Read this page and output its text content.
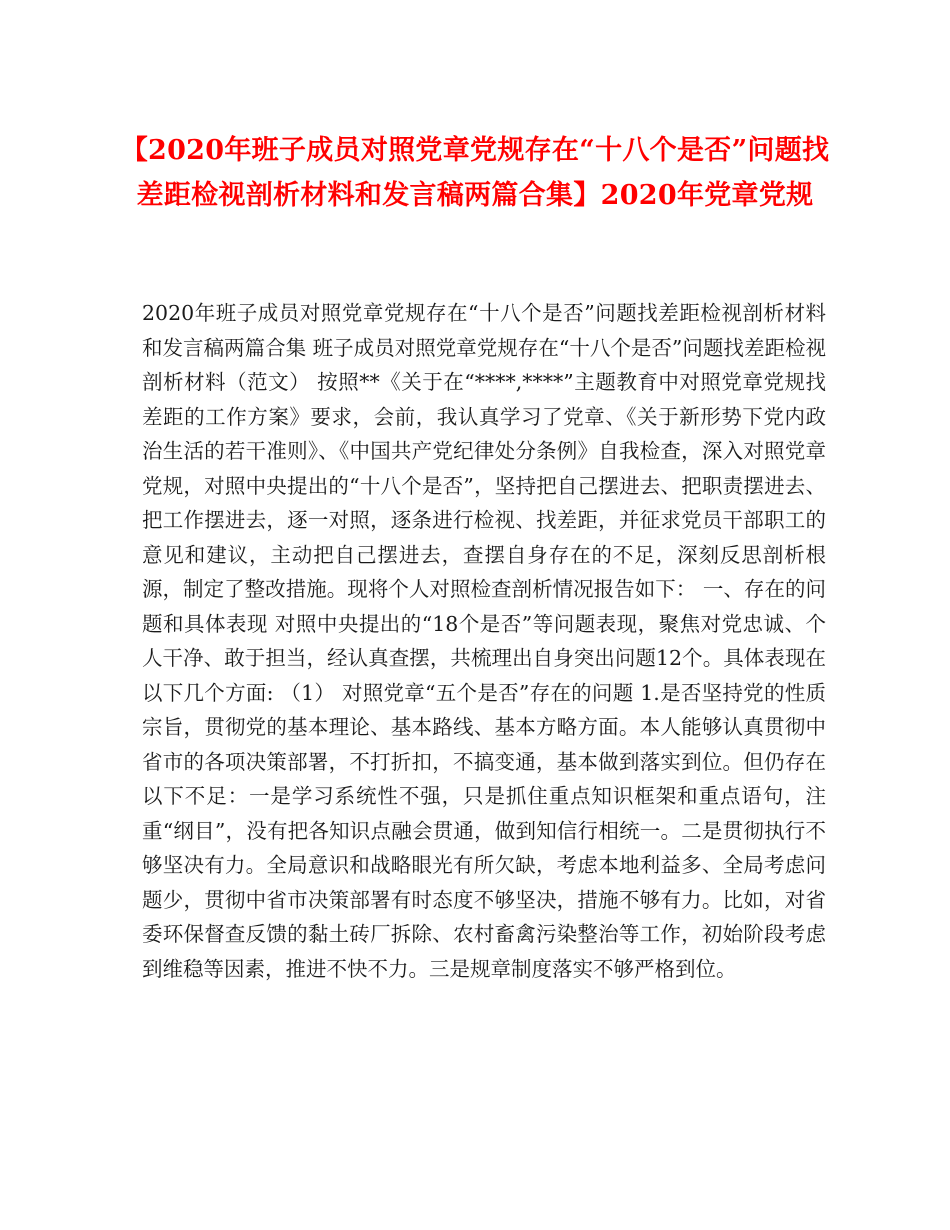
【2020年班子成员对照党章党规存在“十八个是否”问题找差距检视剖析材料和发言稿两篇合集】2020年党章党规

2020年班子成员对照党章党规存在“十八个是否”问题找差距检视剖析材料和发言稿两篇合集 班子成员对照党章党规存在“十八个是否”问题找差距检视剖析材料（范文） 按照**《关于在“****,****”主题教育中对照党章党规找差距的工作方案》要求，会前，我认真学习了党章、《关于新形势下党内政治生活的若干准则》、《中国共产党纪律处分条例》自我检查，深入对照党章党规，对照中央提出的“十八个是否”，坚持把自己摆进去、把职责摆进去、把工作摆进去，逐一对照，逐条进行检视、找差距，并征求党员干部职工的意见和建议，主动把自己摆进去，查摆自身存在的不足，深刻反思剖析根源，制定了整改措施。现将个人对照检查剖析情况报告如下： 一、存在的问题和具体表现 对照中央提出的“18个是否”等问题表现，聚焦对党忠诚、个人干净、敢于担当，经认真查摆，共梳理出自身突出问题12个。具体表现在以下几个方面: （1） 对照党章“五个是否”存在的问题 1.是否坚持党的性质宗旨，贯彻党的基本理论、基本路线、基本方略方面。本人能够认真贯彻中省市的各项决策部署，不打折扣，不搞变通，基本做到落实到位。但仍存在以下不足：一是学习系统性不强，只是抓住重点知识框架和重点语句，注重“纲目”，没有把各知识点融会贯通，做到知信行相统一。二是贯彻执行不够坚决有力。全局意识和战略眼光有所欠缺，考虑本地利益多、全局考虑问题少，贯彻中省市决策部署有时态度不够坚决，措施不够有力。比如，对省委环保督查反馈的黏土砖厂拆除、农村畜禽污染整治等工作，初始阶段考虑到维稳等因素，推进不快不力。三是规章制度落实不够严格到位。
